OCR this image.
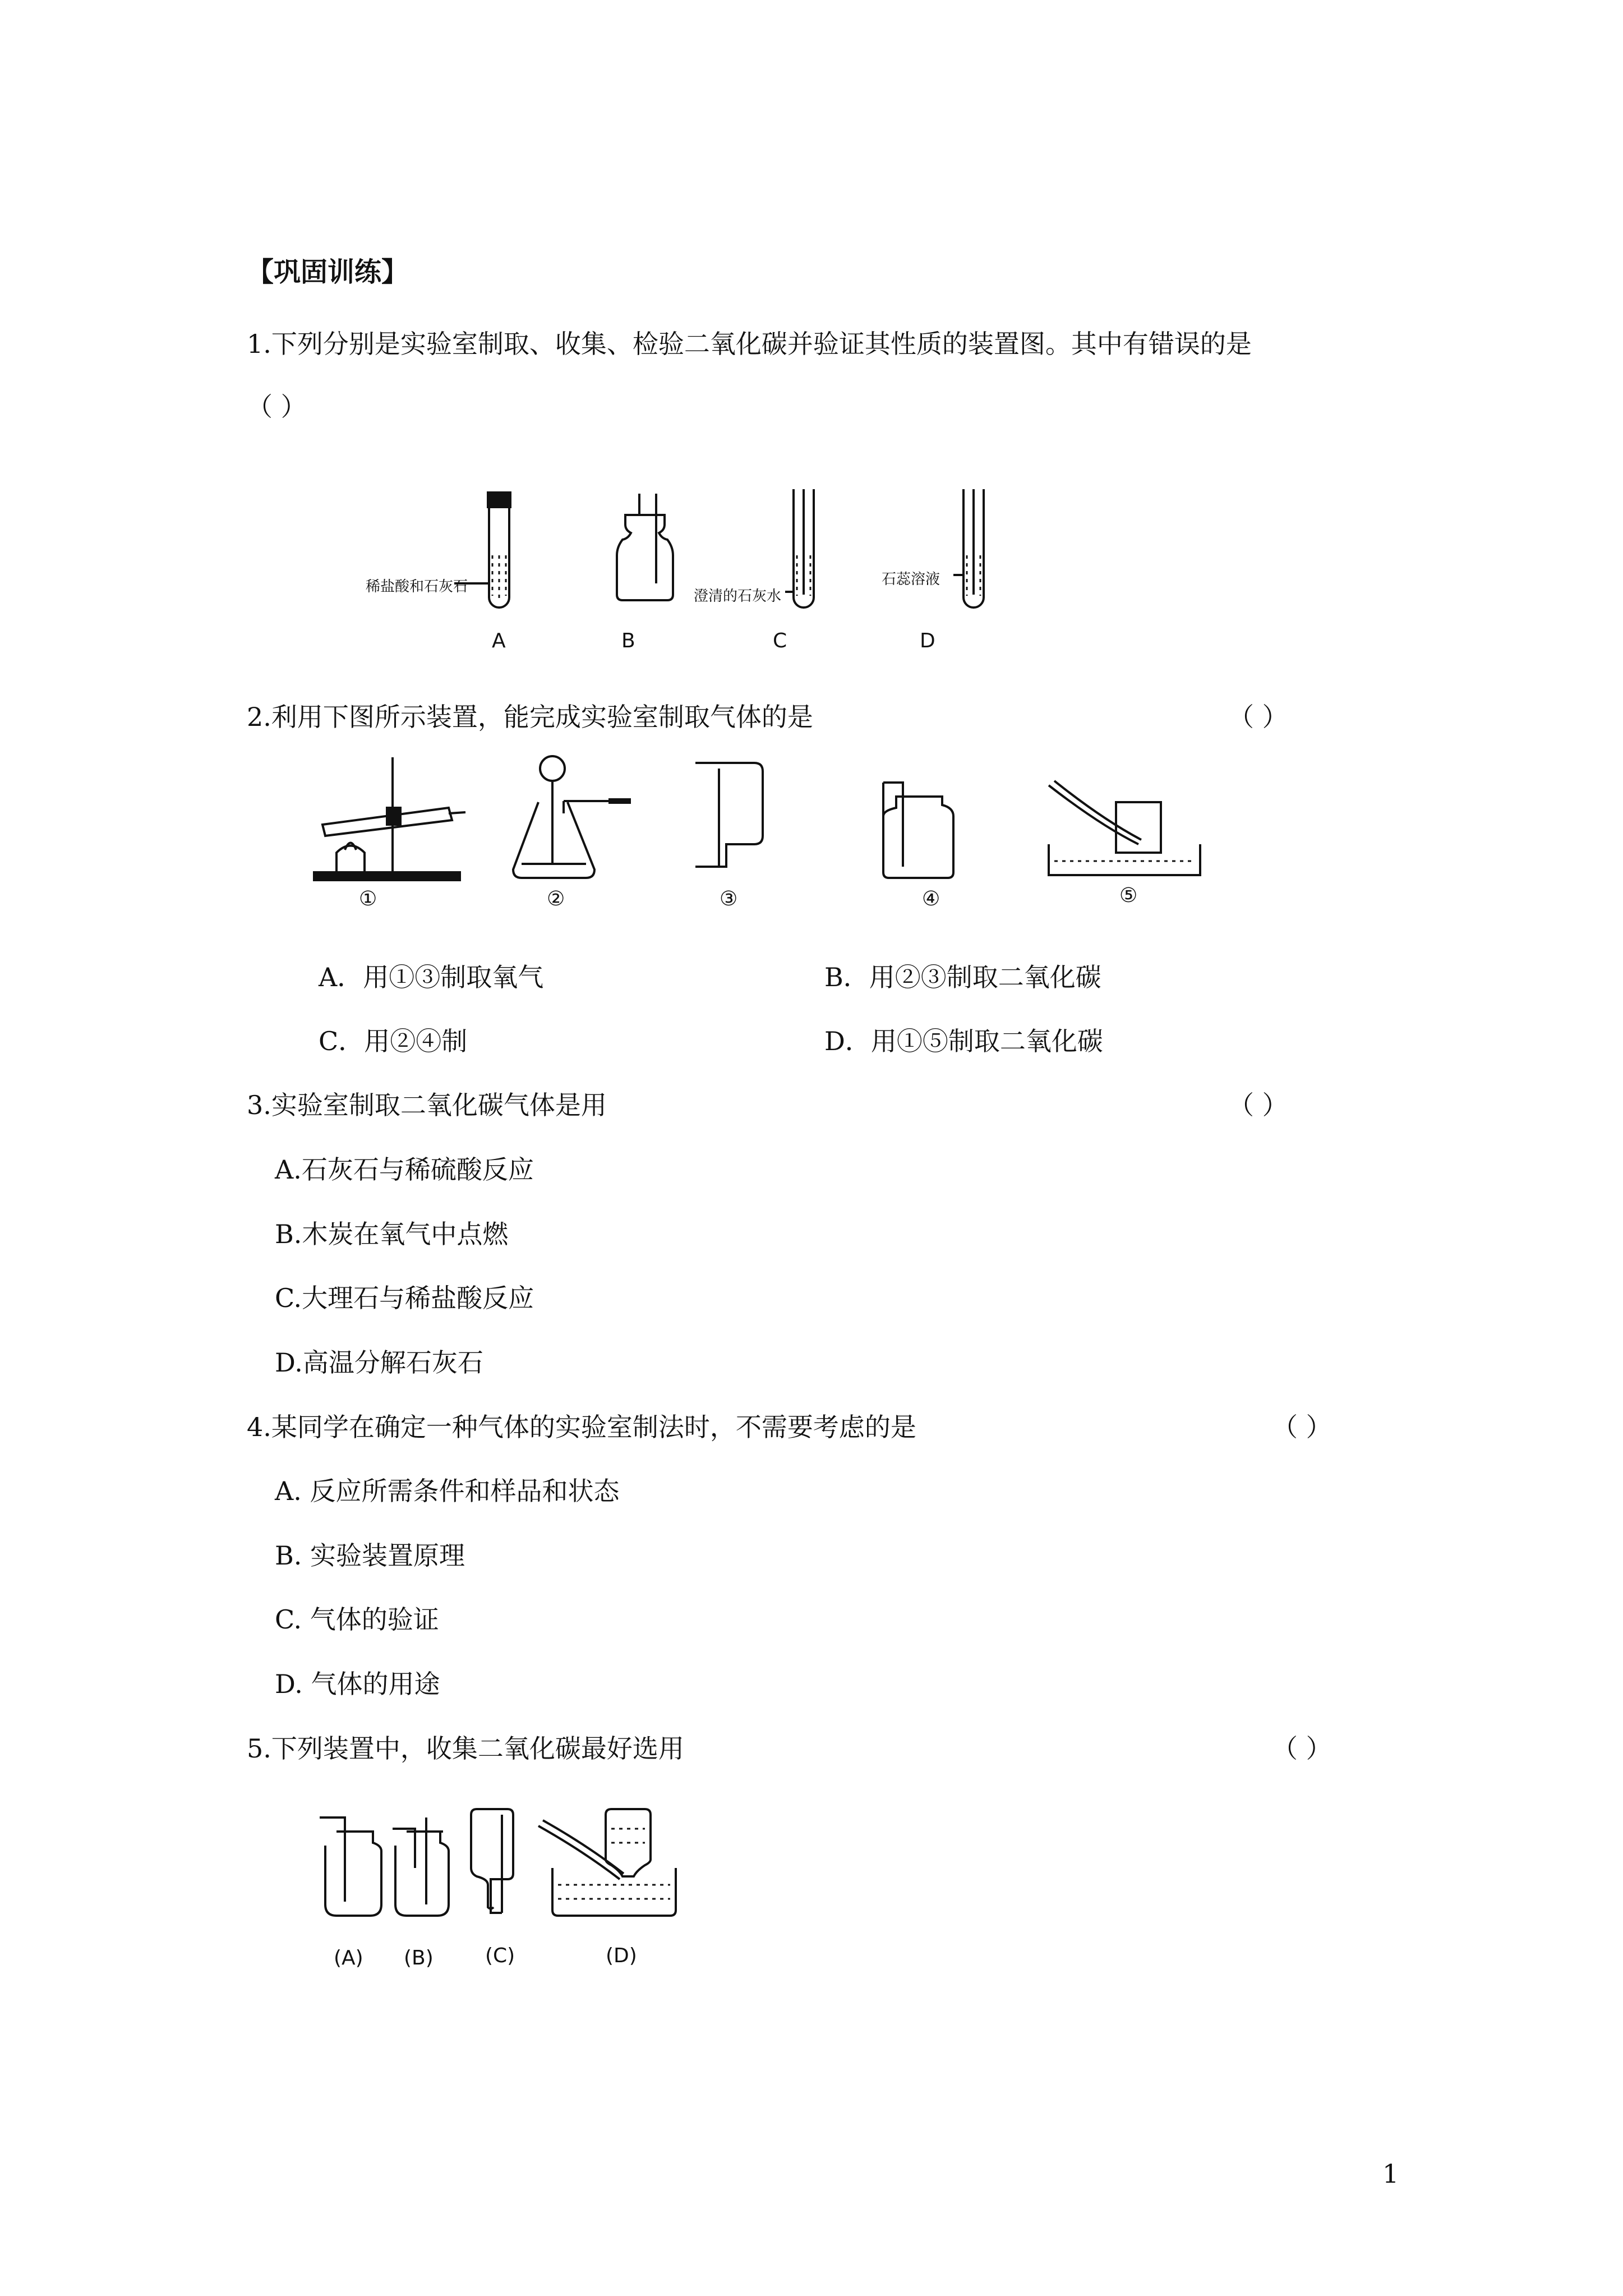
【巩固训练】
1.下列分别是实验室制取、收集、检验二氧化碳并验证其性质的装置图。其中有错误的是
（ ）
稀盐酸和石灰石
澄清的石灰水
石蕊溶液
A	B	C	D
2.利用下图所示装置，能完成实验室制取气体的是	（ ）
①	②	③	④	⑤
A．用①③制取氧气	B．用②③制取二氧化碳
C．用②④制	D．用①⑤制取二氧化碳
3.实验室制取二氧化碳气体是用	（ ）
A.石灰石与稀硫酸反应
B.木炭在氧气中点燃
C.大理石与稀盐酸反应
D.高温分解石灰石
4.某同学在确定一种气体的实验室制法时，不需要考虑的是	（ ）
A. 反应所需条件和样品和状态
B. 实验装置原理
C. 气体的验证
D. 气体的用途
5.下列装置中，收集二氧化碳最好选用	（ ）
(A) (B)	(C)	(D)
1
